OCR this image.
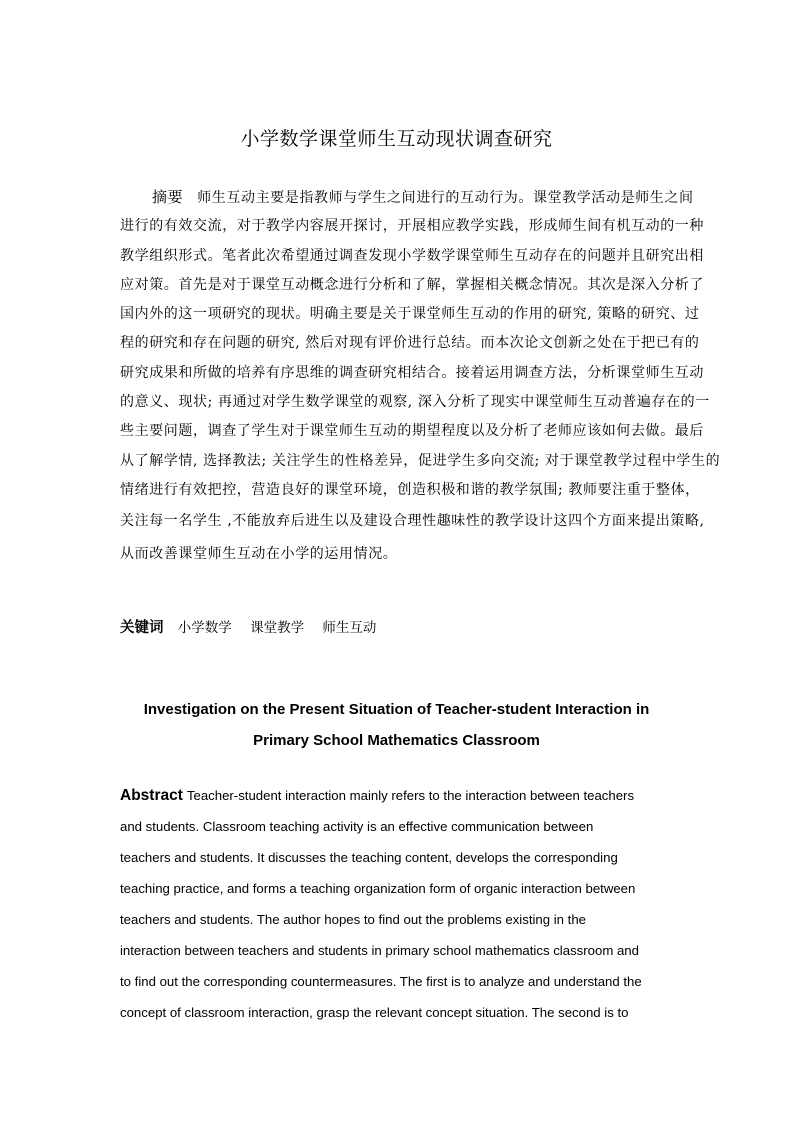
小学数学课堂师生互动现状调查研究
摘要 师生互动主要是指教师与学生之间进行的互动行为。课堂教学活动是师生之间
进行的有效交流，对于教学内容展开探讨，开展相应教学实践，形成师生间有机互动的一种
教学组织形式。笔者此次希望通过调查发现小学数学课堂师生互动存在的问题并且研究出相
应对策。首先是对于课堂互动概念进行分析和了解，掌握相关概念情况。其次是深入分析了
国内外的这一项研究的现状。明确主要是关于课堂师生互动的作用的研究, 策略的研究、过
程的研究和存在问题的研究, 然后对现有评价进行总结。而本次论文创新之处在于把已有的
研究成果和所做的培养有序思维的调查研究相结合。接着运用调查方法，分析课堂师生互动
的意义、现状; 再通过对学生数学课堂的观察, 深入分析了现实中课堂师生互动普遍存在的一
些主要问题，调查了学生对于课堂师生互动的期望程度以及分析了老师应该如何去做。最后
从了解学情, 选择教法; 关注学生的性格差异，促进学生多向交流; 对于课堂教学过程中学生的
情绪进行有效把控，营造良好的课堂环境，创造积极和谐的教学氛围; 教师要注重于整体，
关注每一名学生 ,不能放弃后进生以及建设合理性趣味性的教学设计这四个方面来提出策略,
从而改善课堂师生互动在小学的运用情况。
关键词 小学数学 课堂教学 师生互动
Investigation on the Present Situation of Teacher-student Interaction in
Primary School Mathematics Classroom
Abstract Teacher-student interaction mainly refers to the interaction between teachers
and students. Classroom teaching activity is an effective communication between
teachers and students. It discusses the teaching content, develops the corresponding
teaching practice, and forms a teaching organization form of organic interaction between
teachers and students. The author hopes to find out the problems existing in the
interaction between teachers and students in primary school mathematics classroom and
to find out the corresponding countermeasures. The first is to analyze and understand the
concept of classroom interaction, grasp the relevant concept situation. The second is to
